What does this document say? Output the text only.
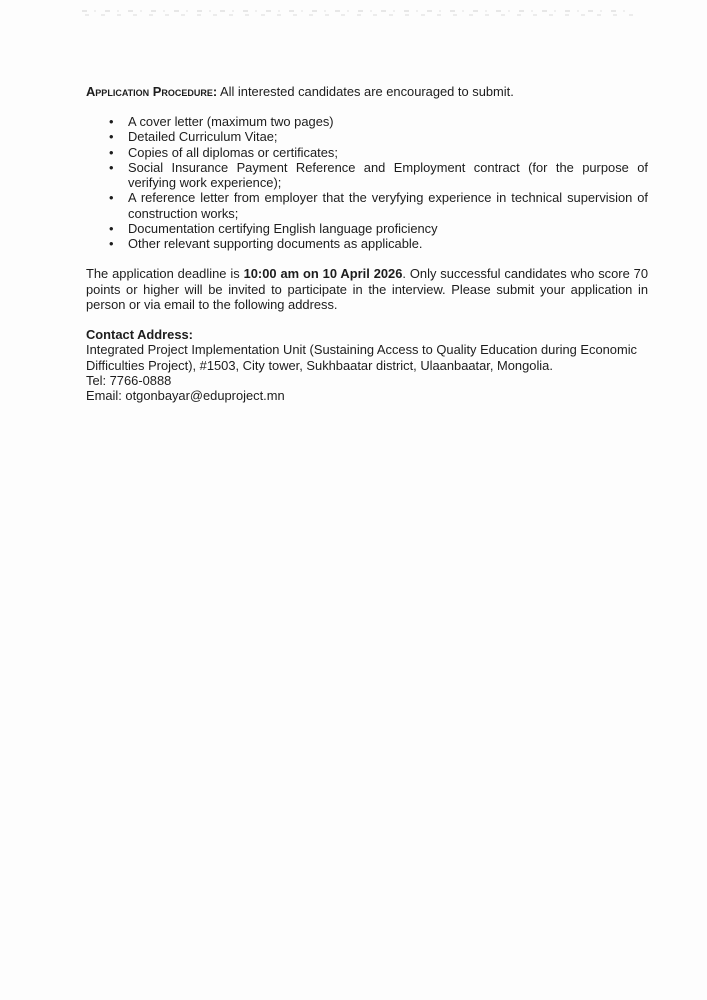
Application Procedure: All interested candidates are encouraged to submit.

• A cover letter (maximum two pages)
• Detailed Curriculum Vitae;
• Copies of all diplomas or certificates;
• Social Insurance Payment Reference and Employment contract (for the purpose of verifying work experience);
• A reference letter from employer that the veryfying experience in technical supervision of construction works;
• Documentation certifying English language proficiency
• Other relevant supporting documents as applicable.

The application deadline is 10:00 am on 10 April 2026. Only successful candidates who score 70 points or higher will be invited to participate in the interview. Please submit your application in person or via email to the following address.

Contact Address:
Integrated Project Implementation Unit (Sustaining Access to Quality Education during Economic Difficulties Project), #1503, City tower, Sukhbaatar district, Ulaanbaatar, Mongolia.
Tel: 7766-0888
Email: otgonbayar@eduproject.mn
